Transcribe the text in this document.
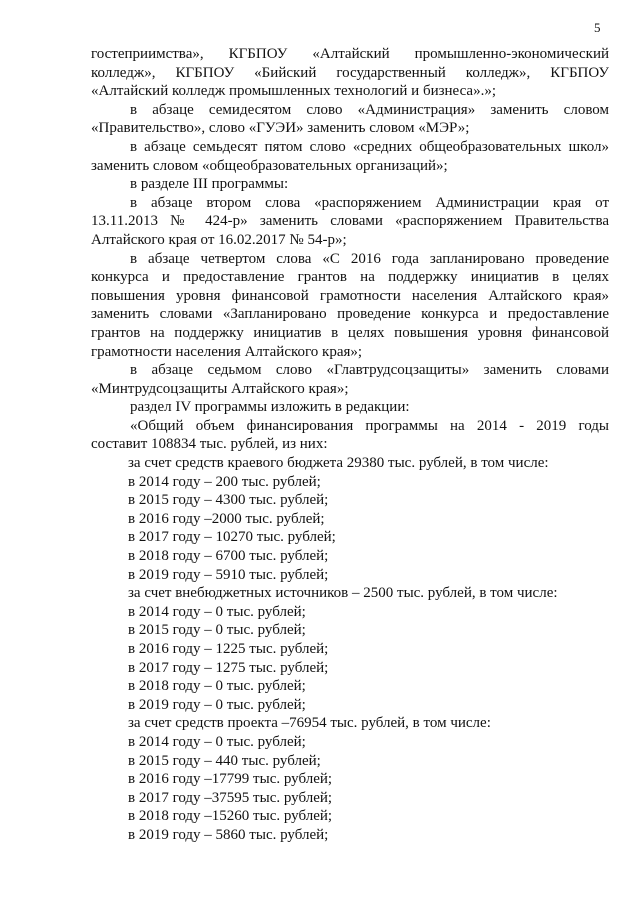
5
гостеприимства», КГБПОУ «Алтайский промышленно-экономический
колледж», КГБПОУ «Бийский государственный колледж», КГБПОУ
«Алтайский колледж промышленных технологий и бизнеса».»;
в абзаце семидесятом слово «Администрация» заменить словом
«Правительство», слово «ГУЭИ» заменить словом «МЭР»;
в абзаце семьдесят пятом слово «средних общеобразовательных школ»
заменить словом «общеобразовательных организаций»;
в разделе III программы:
в абзаце втором слова «распоряжением Администрации края от
13.11.2013 № 424-р» заменить словами «распоряжением Правительства
Алтайского края от 16.02.2017 № 54-р»;
в абзаце четвертом слова «С 2016 года запланировано проведение
конкурса и предоставление грантов на поддержку инициатив в целях
повышения уровня финансовой грамотности населения Алтайского края»
заменить словами «Запланировано проведение конкурса и предоставление
грантов на поддержку инициатив в целях повышения уровня финансовой
грамотности населения Алтайского края»;
в абзаце седьмом слово «Главтрудсоцзащиты» заменить словами
«Минтрудсоцзащиты Алтайского края»;
раздел IV программы изложить в редакции:
«Общий объем финансирования программы на 2014 - 2019 годы
составит 108834 тыс. рублей, из них:
за счет средств краевого бюджета 29380 тыс. рублей, в том числе:
в 2014 году – 200 тыс. рублей;
в 2015 году – 4300 тыс. рублей;
в 2016 году –2000 тыс. рублей;
в 2017 году – 10270 тыс. рублей;
в 2018 году – 6700 тыс. рублей;
в 2019 году – 5910 тыс. рублей;
за счет внебюджетных источников – 2500 тыс. рублей, в том числе:
в 2014 году – 0 тыс. рублей;
в 2015 году – 0 тыс. рублей;
в 2016 году – 1225 тыс. рублей;
в 2017 году – 1275 тыс. рублей;
в 2018 году – 0 тыс. рублей;
в 2019 году – 0 тыс. рублей;
за счет средств проекта –76954 тыс. рублей, в том числе:
в 2014 году – 0 тыс. рублей;
в 2015 году – 440 тыс. рублей;
в 2016 году –17799 тыс. рублей;
в 2017 году –37595 тыс. рублей;
в 2018 году –15260 тыс. рублей;
в 2019 году – 5860 тыс. рублей;
